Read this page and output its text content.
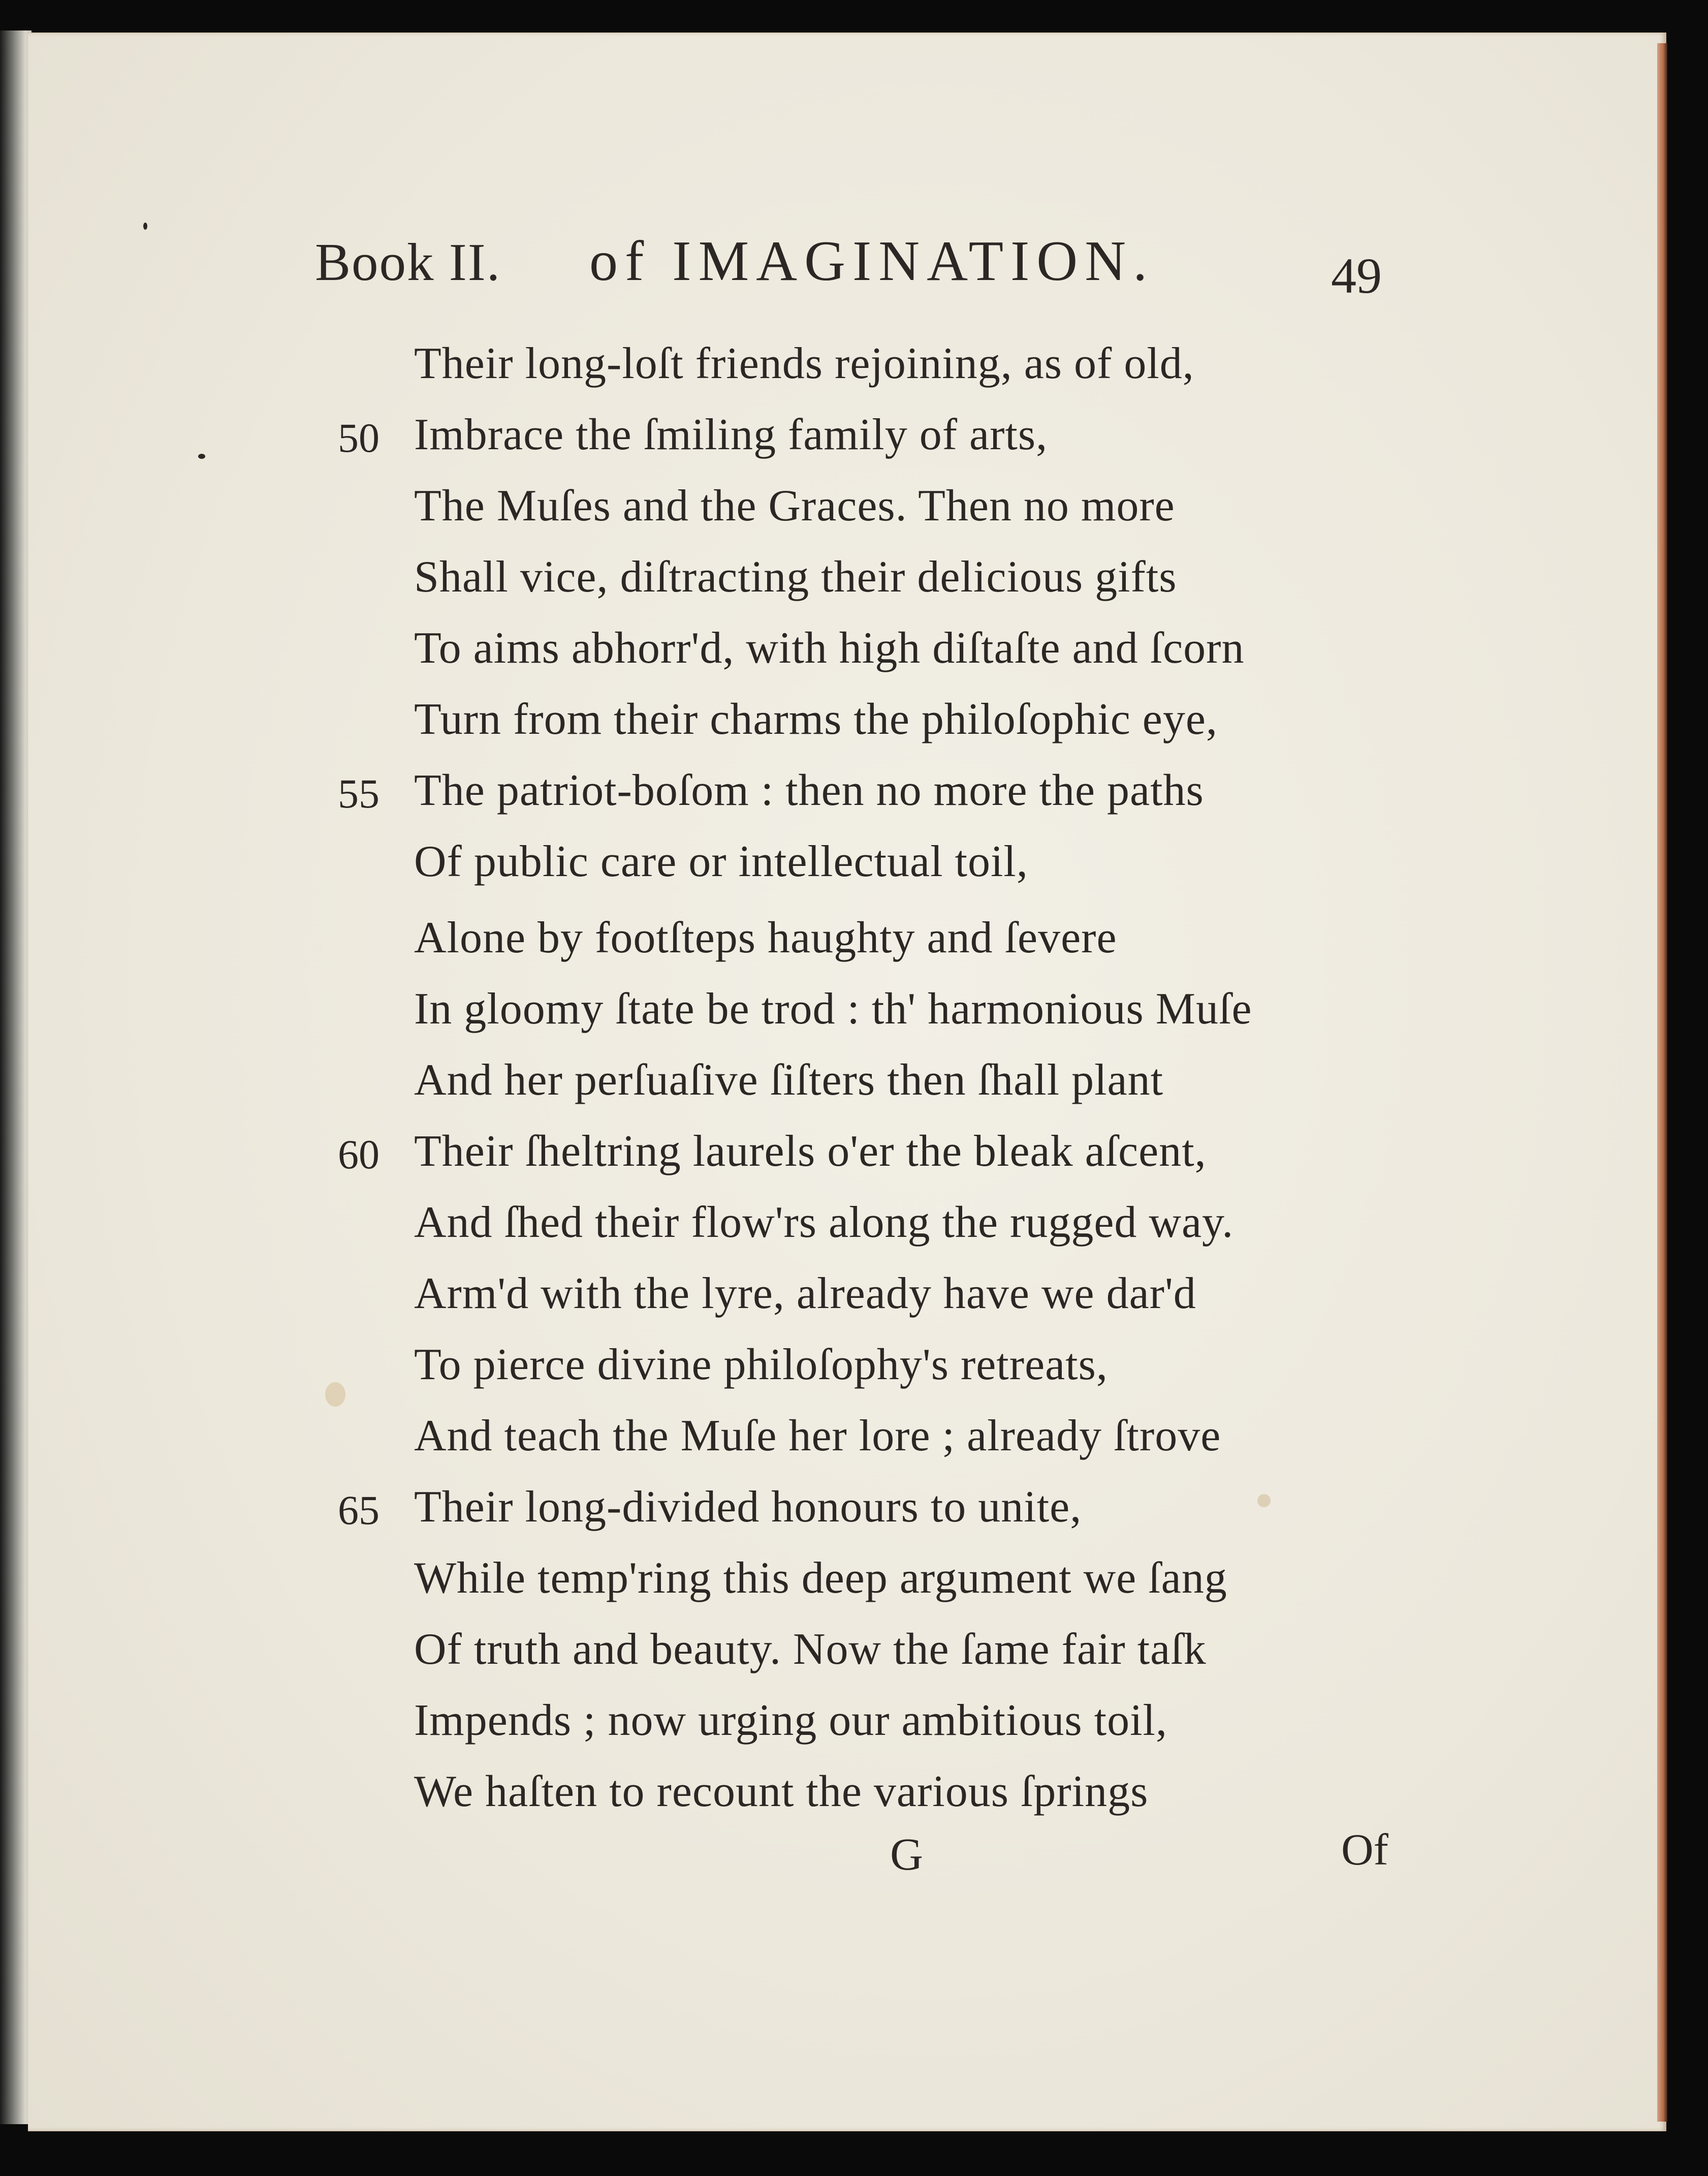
Book II. of IMAGINATION.	49
Their long-loſt friends rejoining, as of old,
Imbrace the ſmiling family of arts,
The Muſes and the Graces. Then no more
Shall vice, diſtracting their delicious gifts
To aims abhorr'd, with high diſtaſte and ſcorn
Turn from their charms the philoſophic eye,
The patriot-boſom : then no more the paths
Of public care or intellectual toil,
Alone by footſteps haughty and ſevere
In gloomy ſtate be trod : th' harmonious Muſe
And her perſuaſive ſiſters then ſhall plant
Their ſheltring laurels o'er the bleak aſcent,
And ſhed their flow'rs along the rugged way.
Arm'd with the lyre, already have we dar'd
To pierce divine philoſophy's retreats,
And teach the Muſe her lore ; already ſtrove
Their long-divided honours to unite,
While temp'ring this deep argument we ſang
Of truth and beauty. Now the ſame fair taſk
Impends ; now urging our ambitious toil,
We haſten to recount the various ſprings
50
55
60
65
G	Of
